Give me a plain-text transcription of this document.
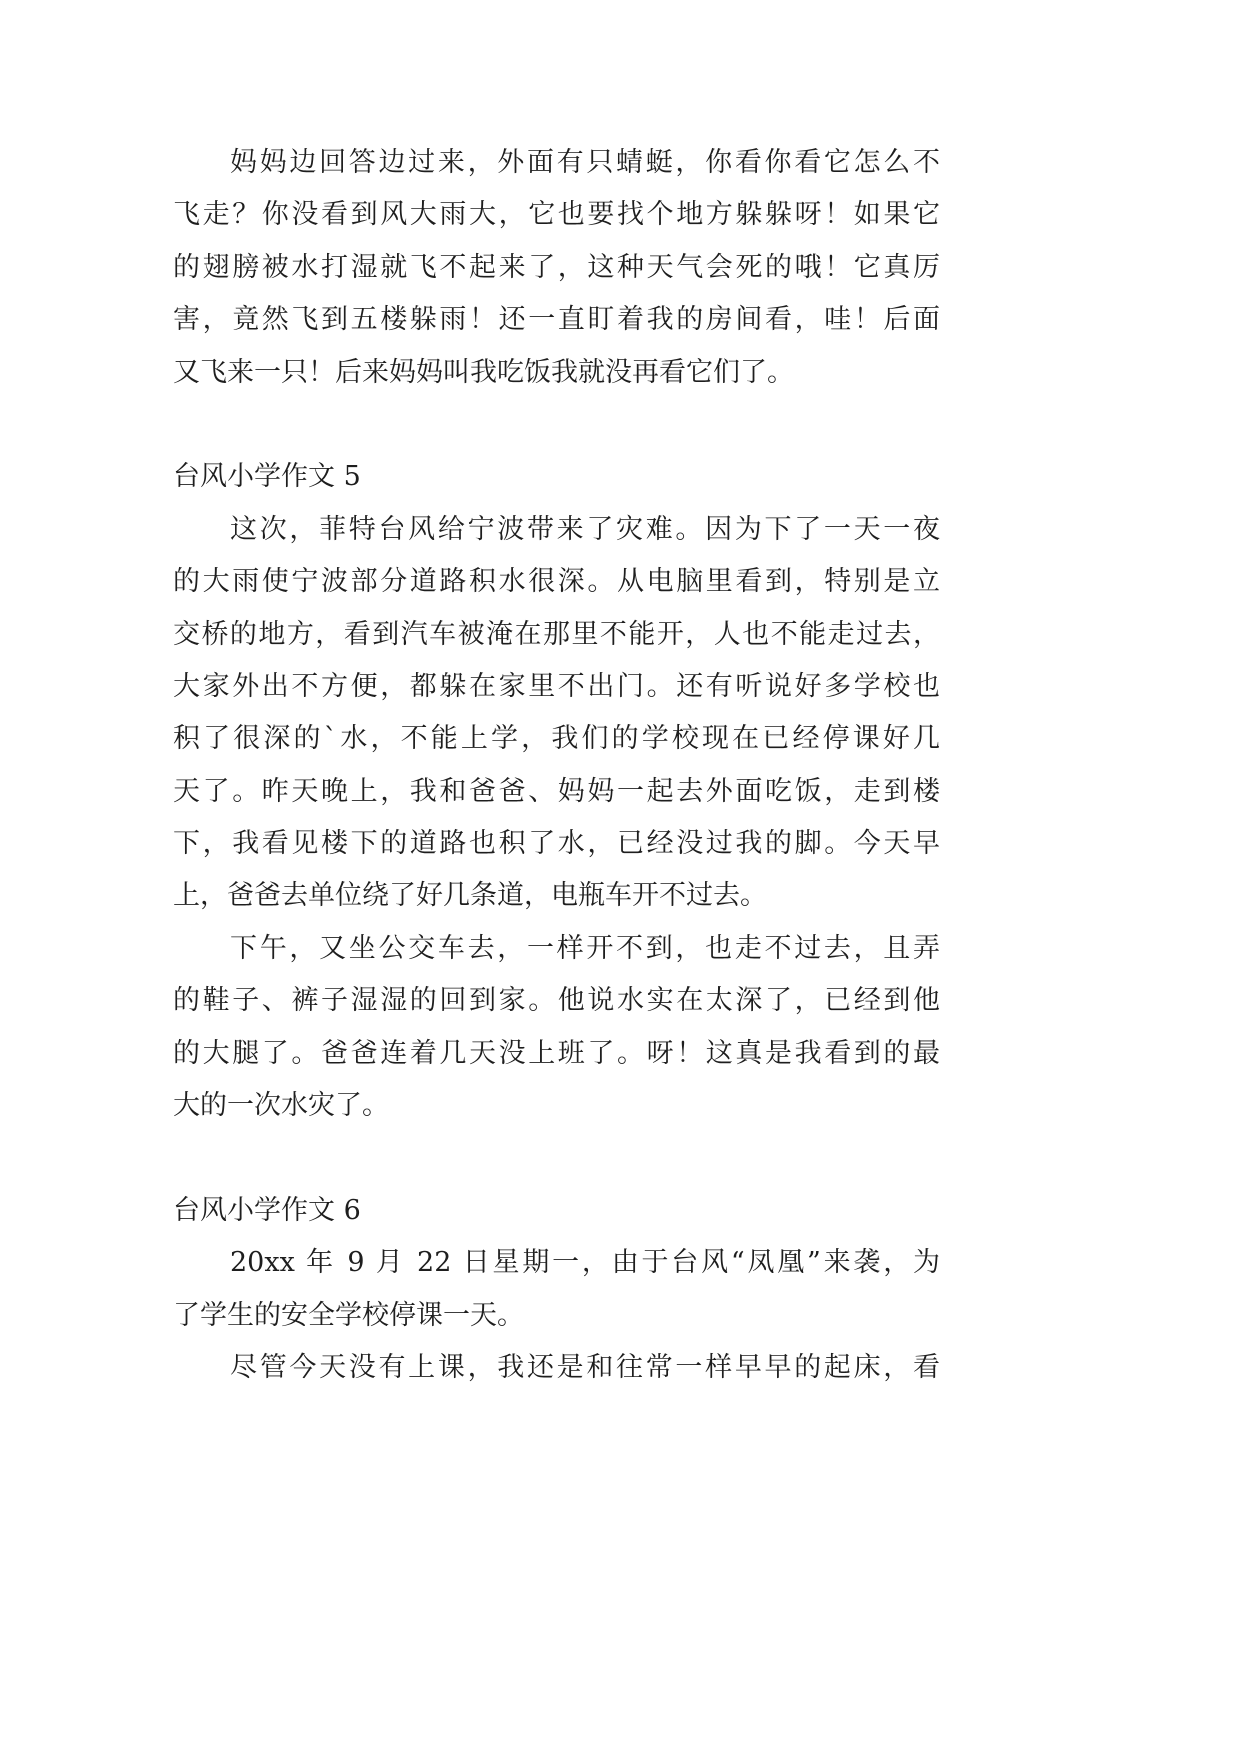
妈妈边回答边过来，外面有只蜻蜓，你看你看它怎么不
飞走？你没看到风大雨大，它也要找个地方躲躲呀！如果它
的翅膀被水打湿就飞不起来了，这种天气会死的哦！它真厉
害，竟然飞到五楼躲雨！还一直盯着我的房间看，哇！后面
又飞来一只！后来妈妈叫我吃饭我就没再看它们了。
台风小学作文 5
这次，菲特台风给宁波带来了灾难。因为下了一天一夜
的大雨使宁波部分道路积水很深。从电脑里看到，特别是立
交桥的地方，看到汽车被淹在那里不能开，人也不能走过去，
大家外出不方便，都躲在家里不出门。还有听说好多学校也
积了很深的`水，不能上学，我们的学校现在已经停课好几
天了。昨天晚上，我和爸爸、妈妈一起去外面吃饭，走到楼
下，我看见楼下的道路也积了水，已经没过我的脚。今天早
上，爸爸去单位绕了好几条道，电瓶车开不过去。
下午，又坐公交车去，一样开不到，也走不过去，且弄
的鞋子、裤子湿湿的回到家。他说水实在太深了，已经到他
的大腿了。爸爸连着几天没上班了。呀！这真是我看到的最
大的一次水灾了。
台风小学作文 6
20xx 年 9 月 22 日星期一，由于台风“凤凰”来袭，为
了学生的安全学校停课一天。
尽管今天没有上课，我还是和往常一样早早的起床，看
